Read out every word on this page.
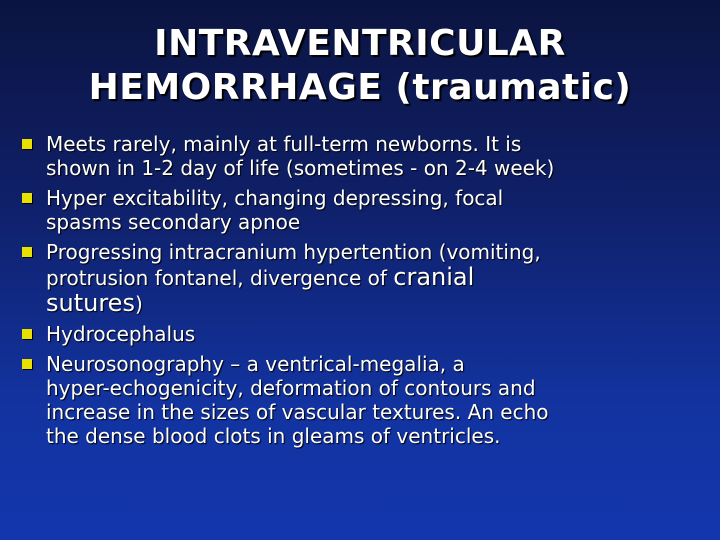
INTRAVENTRICULAR
HEMORRHAGE (traumatic)
Meets rarely, mainly at full-term newborns. It is
shown in 1-2 day of life (sometimes - on 2-4 week)
Hyper excitability, changing depressing, focal
spasms secondary apnoe
Progressing intracranium hypertention (vomiting,
protrusion fontanel, divergence of cranial
sutures)
Hydrocephalus
Neurosonography – a ventrical-megalia, a
hyper-echogenicity, deformation of contours and
increase in the sizes of vascular textures. An echo
the dense blood clots in gleams of ventricles.
